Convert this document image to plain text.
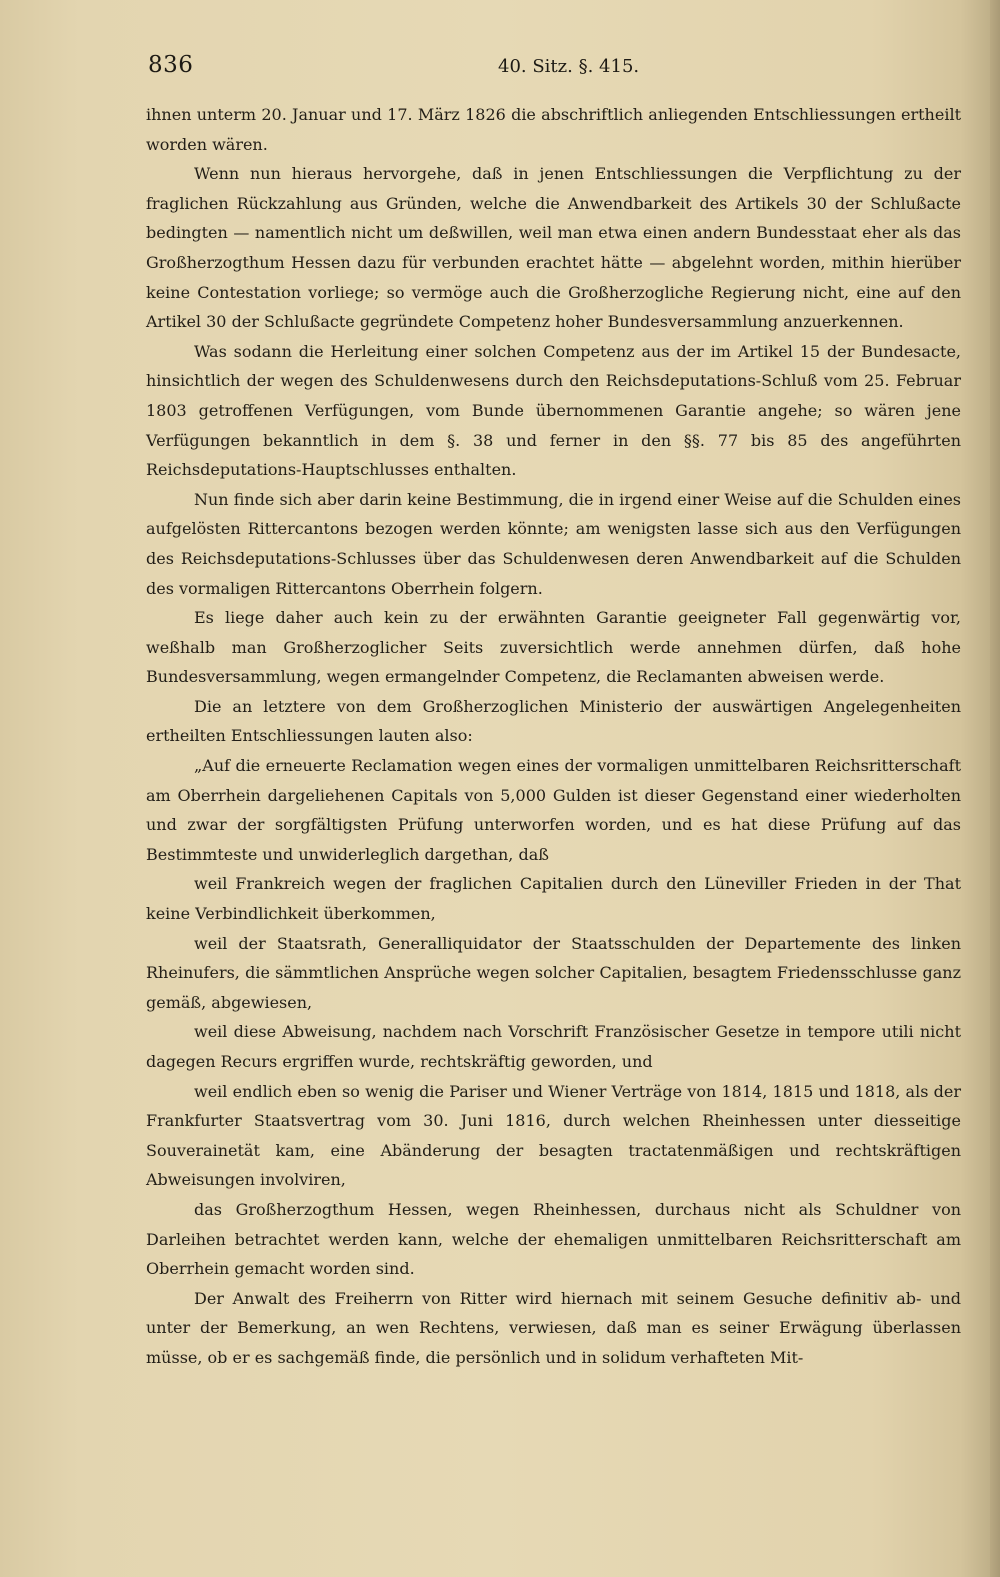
836	40. Sitz. §. 415.

ihnen unterm 20. Januar und 17. März 1826 die abschriftlich anliegenden Entschliessungen ertheilt worden wären.

Wenn nun hieraus hervorgehe, daß in jenen Entschliessungen die Verpflichtung zu der fraglichen Rückzahlung aus Gründen, welche die Anwendbarkeit des Artikels 30 der Schlußacte bedingten — namentlich nicht um deßwillen, weil man etwa einen andern Bundesstaat eher als das Großherzogthum Hessen dazu für verbunden erachtet hätte — abgelehnt worden, mithin hierüber keine Contestation vorliege; so vermöge auch die Großherzogliche Regierung nicht, eine auf den Artikel 30 der Schlußacte gegründete Competenz hoher Bundesversammlung anzuerkennen.

Was sodann die Herleitung einer solchen Competenz aus der im Artikel 15 der Bundesacte, hinsichtlich der wegen des Schuldenwesens durch den Reichsdeputations-Schluß vom 25. Februar 1803 getroffenen Verfügungen, vom Bunde übernommenen Garantie angehe; so wären jene Verfügungen bekanntlich in dem §. 38 und ferner in den §§. 77 bis 85 des angeführten Reichsdeputations-Hauptschlusses enthalten.

Nun finde sich aber darin keine Bestimmung, die in irgend einer Weise auf die Schulden eines aufgelösten Rittercantons bezogen werden könnte; am wenigsten lasse sich aus den Verfügungen des Reichsdeputations-Schlusses über das Schuldenwesen deren Anwendbarkeit auf die Schulden des vormaligen Rittercantons Oberrhein folgern.

Es liege daher auch kein zu der erwähnten Garantie geeigneter Fall gegenwärtig vor, weßhalb man Großherzoglicher Seits zuversichtlich werde annehmen dürfen, daß hohe Bundesversammlung, wegen ermangelnder Competenz, die Reclamanten abweisen werde.

Die an letztere von dem Großherzoglichen Ministerio der auswärtigen Angelegenheiten ertheilten Entschliessungen lauten also:

„Auf die erneuerte Reclamation wegen eines der vormaligen unmittelbaren Reichsritterschaft am Oberrhein dargeliehenen Capitals von 5,000 Gulden ist dieser Gegenstand einer wiederholten und zwar der sorgfältigsten Prüfung unterworfen worden, und es hat diese Prüfung auf das Bestimmteste und unwiderleglich dargethan, daß

weil Frankreich wegen der fraglichen Capitalien durch den Lüneviller Frieden in der That keine Verbindlichkeit überkommen,

weil der Staatsrath, Generalliquidator der Staatsschulden der Departemente des linken Rheinufers, die sämmtlichen Ansprüche wegen solcher Capitalien, besagtem Friedensschlusse ganz gemäß, abgewiesen,

weil diese Abweisung, nachdem nach Vorschrift Französischer Gesetze in tempore utili nicht dagegen Recurs ergriffen wurde, rechtskräftig geworden, und

weil endlich eben so wenig die Pariser und Wiener Verträge von 1814, 1815 und 1818, als der Frankfurter Staatsvertrag vom 30. Juni 1816, durch welchen Rheinhessen unter diesseitige Souverainetät kam, eine Abänderung der besagten tractatenmäßigen und rechtskräftigen Abweisungen involviren,

das Großherzogthum Hessen, wegen Rheinhessen, durchaus nicht als Schuldner von Darleihen betrachtet werden kann, welche der ehemaligen unmittelbaren Reichsritterschaft am Oberrhein gemacht worden sind.

Der Anwalt des Freiherrn von Ritter wird hiernach mit seinem Gesuche definitiv ab- und unter der Bemerkung, an wen Rechtens, verwiesen, daß man es seiner Erwägung überlassen müsse, ob er es sachgemäß finde, die persönlich und in solidum verhafteten Mit-
